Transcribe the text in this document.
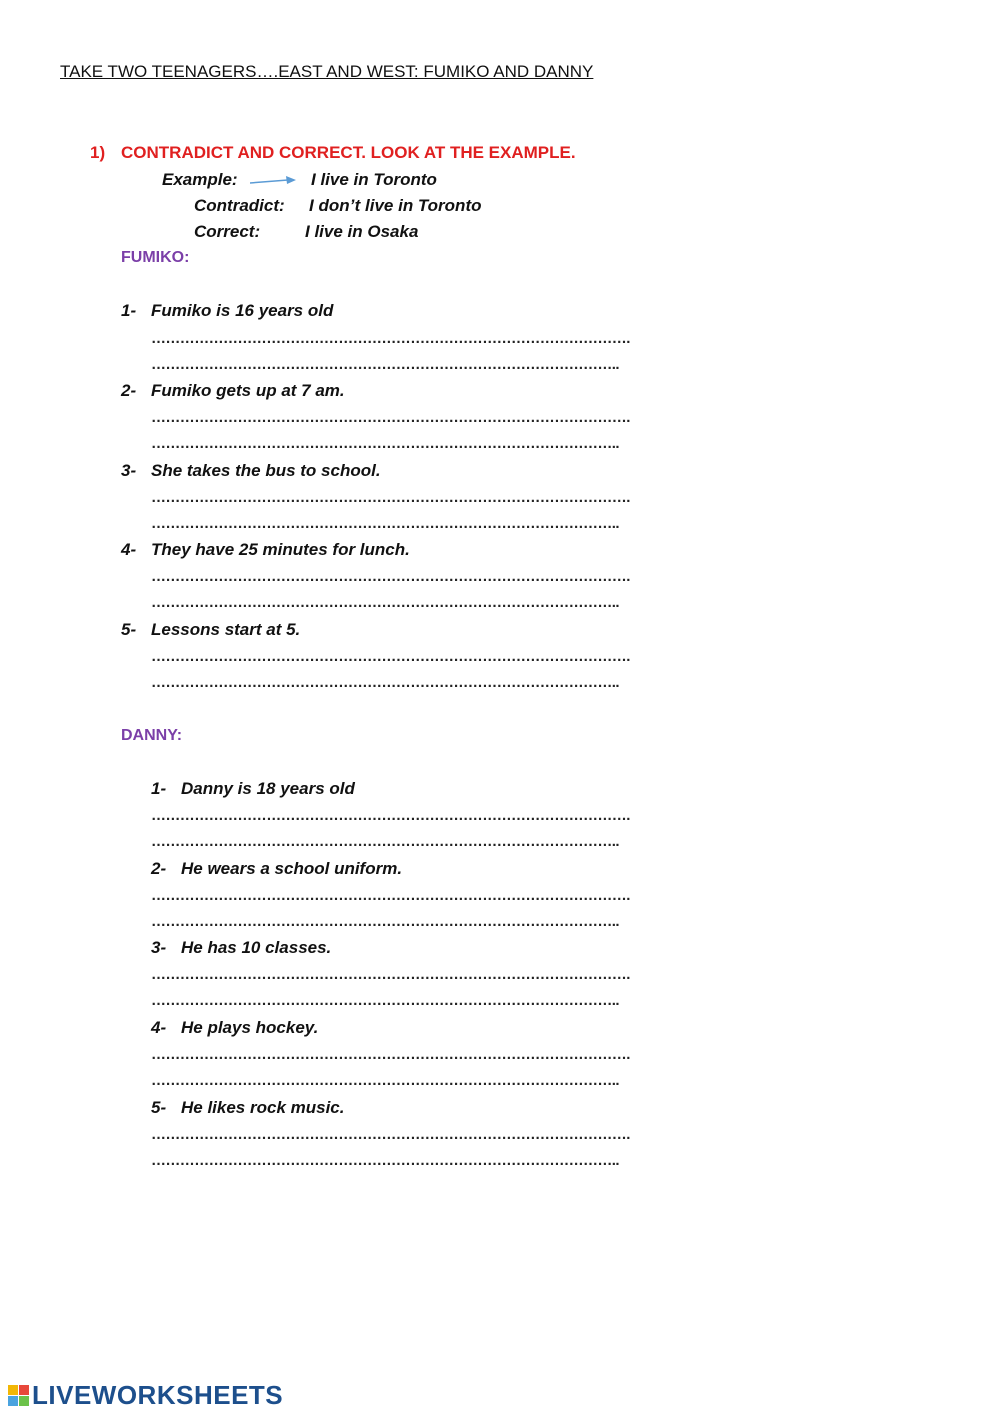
TAKE TWO TEENAGERS….EAST AND WEST: FUMIKO AND DANNY
1) CONTRADICT AND CORRECT. LOOK AT THE EXAMPLE.
Example:	I live in Toronto
Contradict: I don’t live in Toronto
Correct:	I live in Osaka
FUMIKO:
1- Fumiko is 16 years old
……………………………………………………………………………………….
……………………………………………………………………………………..
2- Fumiko gets up at 7 am.
……………………………………………………………………………………….
……………………………………………………………………………………..
3- She takes the bus to school.
……………………………………………………………………………………….
……………………………………………………………………………………..
4- They have 25 minutes for lunch.
……………………………………………………………………………………….
……………………………………………………………………………………..
5- Lessons start at 5.
……………………………………………………………………………………….
……………………………………………………………………………………..
DANNY:
1- Danny is 18 years old
……………………………………………………………………………………….
……………………………………………………………………………………..
2- He wears a school uniform.
……………………………………………………………………………………….
……………………………………………………………………………………..
3- He has 10 classes.
……………………………………………………………………………………….
……………………………………………………………………………………..
4- He plays hockey.
……………………………………………………………………………………….
……………………………………………………………………………………..
5- He likes rock music.
……………………………………………………………………………………….
……………………………………………………………………………………..
LIVEWORKSHEETS
